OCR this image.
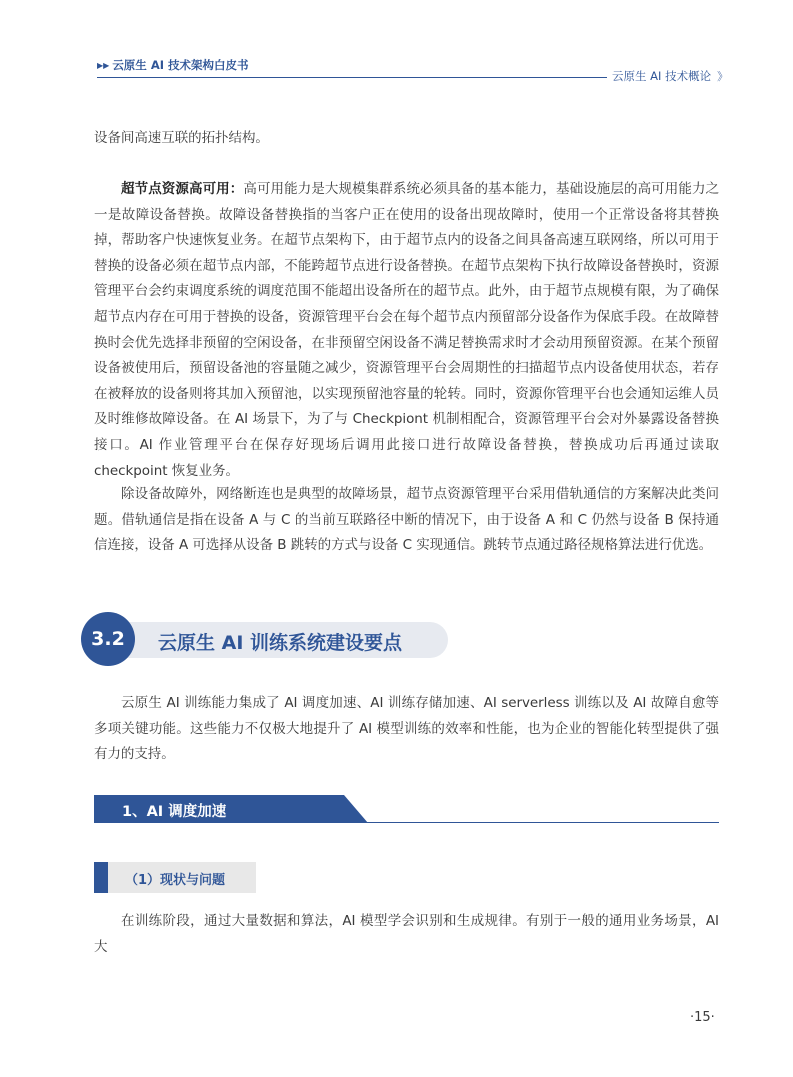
▶▶ 云原生 AI 技术架构白皮书
云原生 AI 技术概论 》

设备间高速互联的拓扑结构。

超节点资源高可用：高可用能力是大规模集群系统必须具备的基本能力，基础设施层的高可用能力之一是故障设备替换。故障设备替换指的当客户正在使用的设备出现故障时，使用一个正常设备将其替换掉，帮助客户快速恢复业务。在超节点架构下，由于超节点内的设备之间具备高速互联网络，所以可用于替换的设备必须在超节点内部，不能跨超节点进行设备替换。在超节点架构下执行故障设备替换时，资源管理平台会约束调度系统的调度范围不能超出设备所在的超节点。此外，由于超节点规模有限，为了确保超节点内存在可用于替换的设备，资源管理平台会在每个超节点内预留部分设备作为保底手段。在故障替换时会优先选择非预留的空闲设备，在非预留空闲设备不满足替换需求时才会动用预留资源。在某个预留设备被使用后，预留设备池的容量随之减少，资源管理平台会周期性的扫描超节点内设备使用状态，若存在被释放的设备则将其加入预留池，以实现预留池容量的轮转。同时，资源你管理平台也会通知运维人员及时维修故障设备。在 AI 场景下，为了与 Checkpiont 机制相配合，资源管理平台会对外暴露设备替换接口。AI 作业管理平台在保存好现场后调用此接口进行故障设备替换，替换成功后再通过读取checkpoint 恢复业务。

除设备故障外，网络断连也是典型的故障场景，超节点资源管理平台采用借轨通信的方案解决此类问题。借轨通信是指在设备 A 与 C 的当前互联路径中断的情况下，由于设备 A 和 C 仍然与设备 B 保持通信连接，设备 A 可选择从设备 B 跳转的方式与设备 C 实现通信。跳转节点通过路径规格算法进行优选。

3.2	云原生 AI 训练系统建设要点

云原生 AI 训练能力集成了 AI 调度加速、AI 训练存储加速、AI serverless 训练以及 AI 故障自愈等多项关键功能。这些能力不仅极大地提升了 AI 模型训练的效率和性能，也为企业的智能化转型提供了强有力的支持。

1、AI 调度加速
（1）现状与问题

在训练阶段，通过大量数据和算法，AI 模型学会识别和生成规律。有别于一般的通用业务场景，AI 大

·15·
